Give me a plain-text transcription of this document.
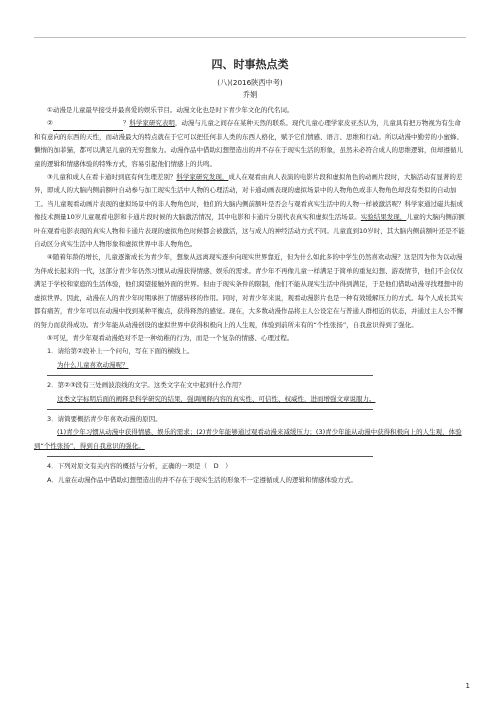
四、时事热点类
(八)(2016陕西中考)
乔娟

①动漫是儿童最早接受并最喜爱的娱乐节目。动漫文化也是时下青少年文化的代名词。

②	？科学家研究表明，动漫与儿童之间存在某种天然的联系。现代儿童心理学家皮亚杰认为，儿童具有把万物视为有生命和有意向的东西的天性，而动漫最大的特点就在于它可以把任何非人类的东西人格化，赋予它们情感、语言、思维和行动。所以动漫中勤劳的小蜜蜂、懒惰的加菲猫，都可以满足儿童的无穷想象力。动漫作品中借助幻想塑造出的并不存在于现实生活的形象，虽然未必符合成人的思维逻辑，但却遵循儿童的逻辑和情感体验的特殊方式，容易引起他们情感上的共鸣。

③儿童和成人在看卡通时到底有何生理差别？科学家研究发现，成人在观看由真人表演的电影片段和虚拟角色的动画片段时，大脑活动有显著的差异，即成人的大脑内侧前额叶自动参与加工现实生活中人物的心理活动，对卡通动画表现的虚拟场景中的人物角色或非人物角色却没有类似的自动加工。当儿童观看动画片表现的虚拟场景中的非人物角色时，他们的大脑内侧前额叶是否会与观看真实生活中的人物一样被激活呢？科学家通过磁共振成像技术测量10岁儿童观看电影和卡通片段时候的大脑激活情况，其中电影和卡通片分别代表真实和虚拟生活场景。实验结果发现，儿童的大脑内侧前额叶在观看电影表现的真实人物和卡通片表现的虚拟角色时候都会被激活，这与成人的神经活动方式不同。儿童直到10岁时，其大脑内侧前额叶还是不能自动区分真实生活中人物形象和虚拟世界中非人物角色。

④随着年龄的增长，儿童逐渐成长为青少年，想象从远离现实逐步向现实世界靠近，但为什么如此多的中学生仍然喜欢动漫？这是因为作为以动漫为伴成长起来的一代，这部分青少年仍然习惯从动漫获得情感、娱乐的需求。青少年不再像儿童一样满足于简单的重复幻想、游戏情节，他们不会仅仅满足于学校和家庭的生活体验，他们渴望接触外面的世界。但由于现实条件的限制，他们不能从现实生活中得到满足，于是他们借助动漫寻找理想中的虚拟世界。因此，动漫在人的青少年时期承担了情感转移的作用。同时，对青少年来说，观看动漫影片也是一种有效缓解压力的方式。每个人成长其实都有痛苦，青少年可以在动漫中找到某种平衡点，获得释然的感觉。现在，大多数动漫作品将主人公设定在与普通人群相近的状态，并通过主人公不懈的努力而获得成功。青少年能从动漫创设的虚拟世界中获得积极向上的人生观，体验到前所未有的“个性张扬”，自我意识得到了强化。

⑤可见，青少年观看动漫绝对不是一种幼稚的行为，而是一个复杂的情感、心理过程。

1．请给第②段补上一个问句，写在下面的横线上。

为什么儿童喜欢动漫呢？

2．第②③段有三处画波浪线的文字。这类文字在文中起到什么作用？

这类文字标明后面的阐释是科学研究的结果，强调阐释内容的真实性、可信性、权威性，进而增强文章说服力。

3．请简要概括青少年喜欢动漫的原因。

(1)青少年习惯从动漫中获得情感、娱乐的需求；(2)青少年能够通过观看动漫来减缓压力；(3)青少年能从动漫中获得积极向上的人生观，体验到“个性张扬”，得到自我意识的强化。

4．下列对原文有关内容的概括与分析，正确的一项是（　D　）

A．儿童在动漫作品中借助幻想塑造出的并不存在于现实生活的形象不一定遵循成人的逻辑和情感体验方式。

1
